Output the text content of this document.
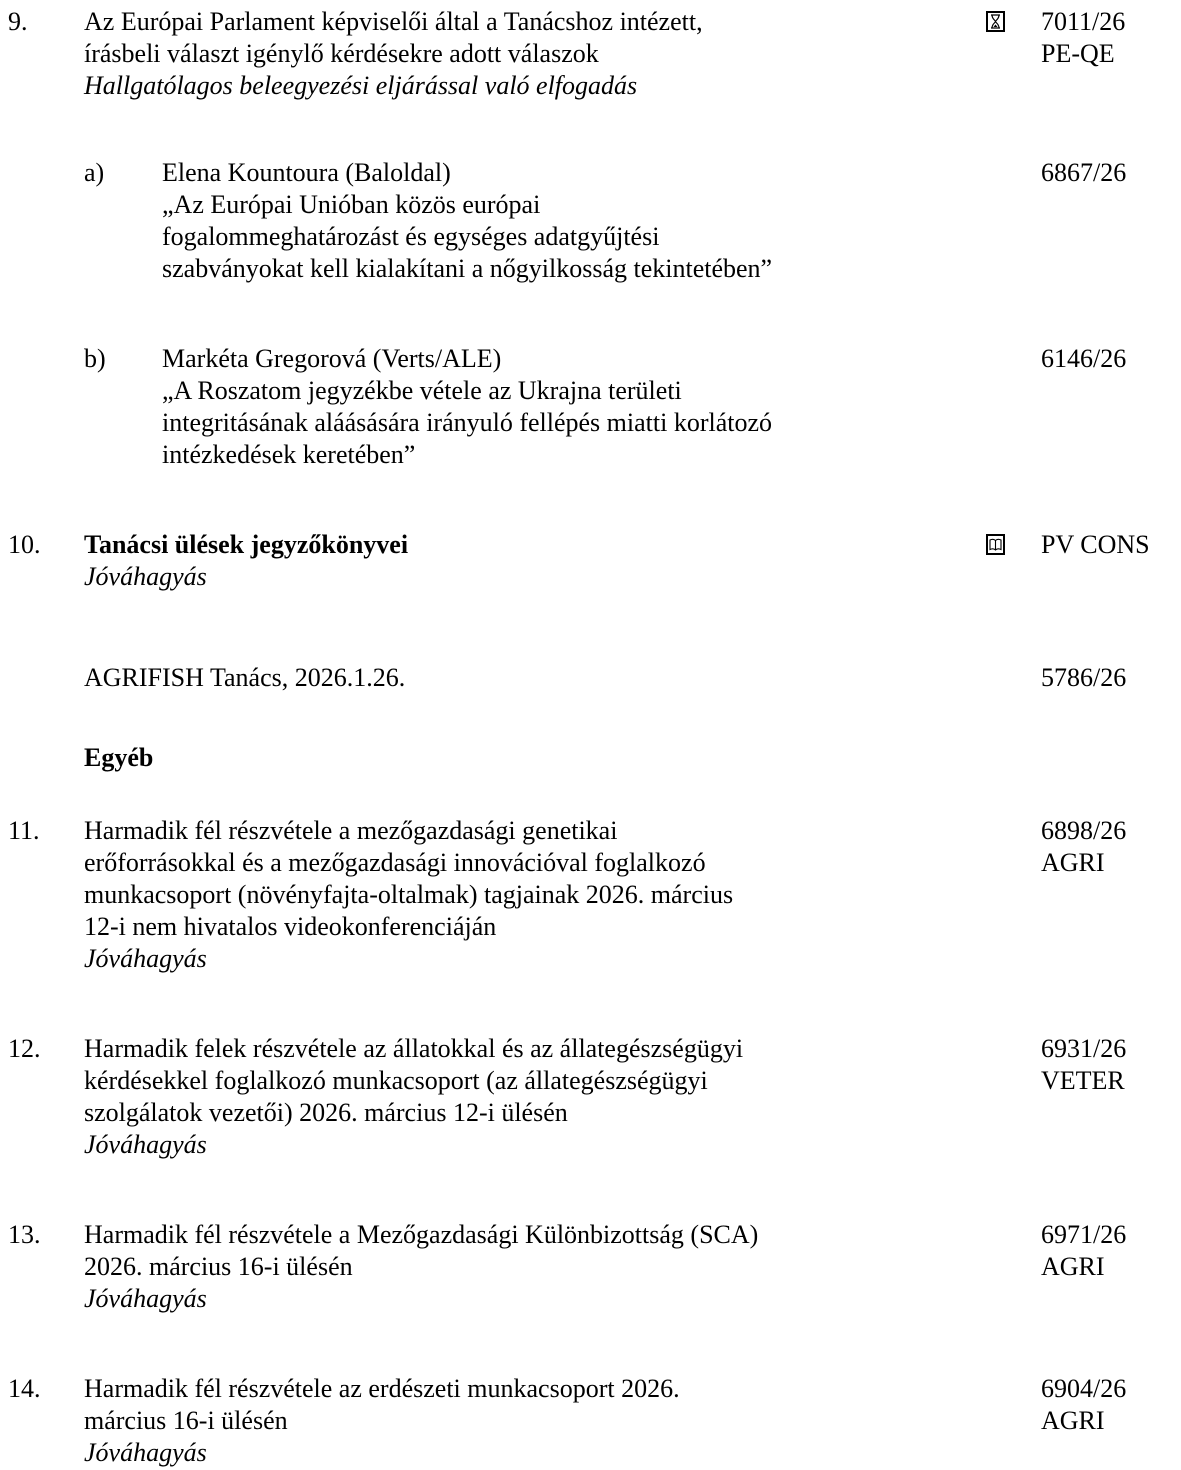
9. Az Európai Parlament képviselői által a Tanácshoz intézett,
írásbeli választ igénylő kérdésekre adott válaszok
Hallgatólagos beleegyezési eljárással való elfogadás
7011/26
PE-QE
a) Elena Kountoura (Baloldal)
„Az Európai Unióban közös európai
fogalommeghatározást és egységes adatgyűjtési
szabványokat kell kialakítani a nőgyilkosság tekintetében”
6867/26
b) Markéta Gregorová (Verts/ALE)
„A Roszatom jegyzékbe vétele az Ukrajna területi
integritásának aláásására irányuló fellépés miatti korlátozó
intézkedések keretében”
6146/26
10. Tanácsi ülések jegyzőkönyvei
Jóváhagyás
PV CONS
AGRIFISH Tanács, 2026.1.26.	5786/26
Egyéb
11. Harmadik fél részvétele a mezőgazdasági genetikai
erőforrásokkal és a mezőgazdasági innovációval foglalkozó
munkacsoport (növényfajta-oltalmak) tagjainak 2026. március
12-i nem hivatalos videokonferenciáján
Jóváhagyás
6898/26
AGRI
12. Harmadik felek részvétele az állatokkal és az állategészségügyi
kérdésekkel foglalkozó munkacsoport (az állategészségügyi
szolgálatok vezetői) 2026. március 12-i ülésén
Jóváhagyás
6931/26
VETER
13. Harmadik fél részvétele a Mezőgazdasági Különbizottság (SCA)
2026. március 16-i ülésén
Jóváhagyás
6971/26
AGRI
14. Harmadik fél részvétele az erdészeti munkacsoport 2026.
március 16-i ülésén
Jóváhagyás
6904/26
AGRI
